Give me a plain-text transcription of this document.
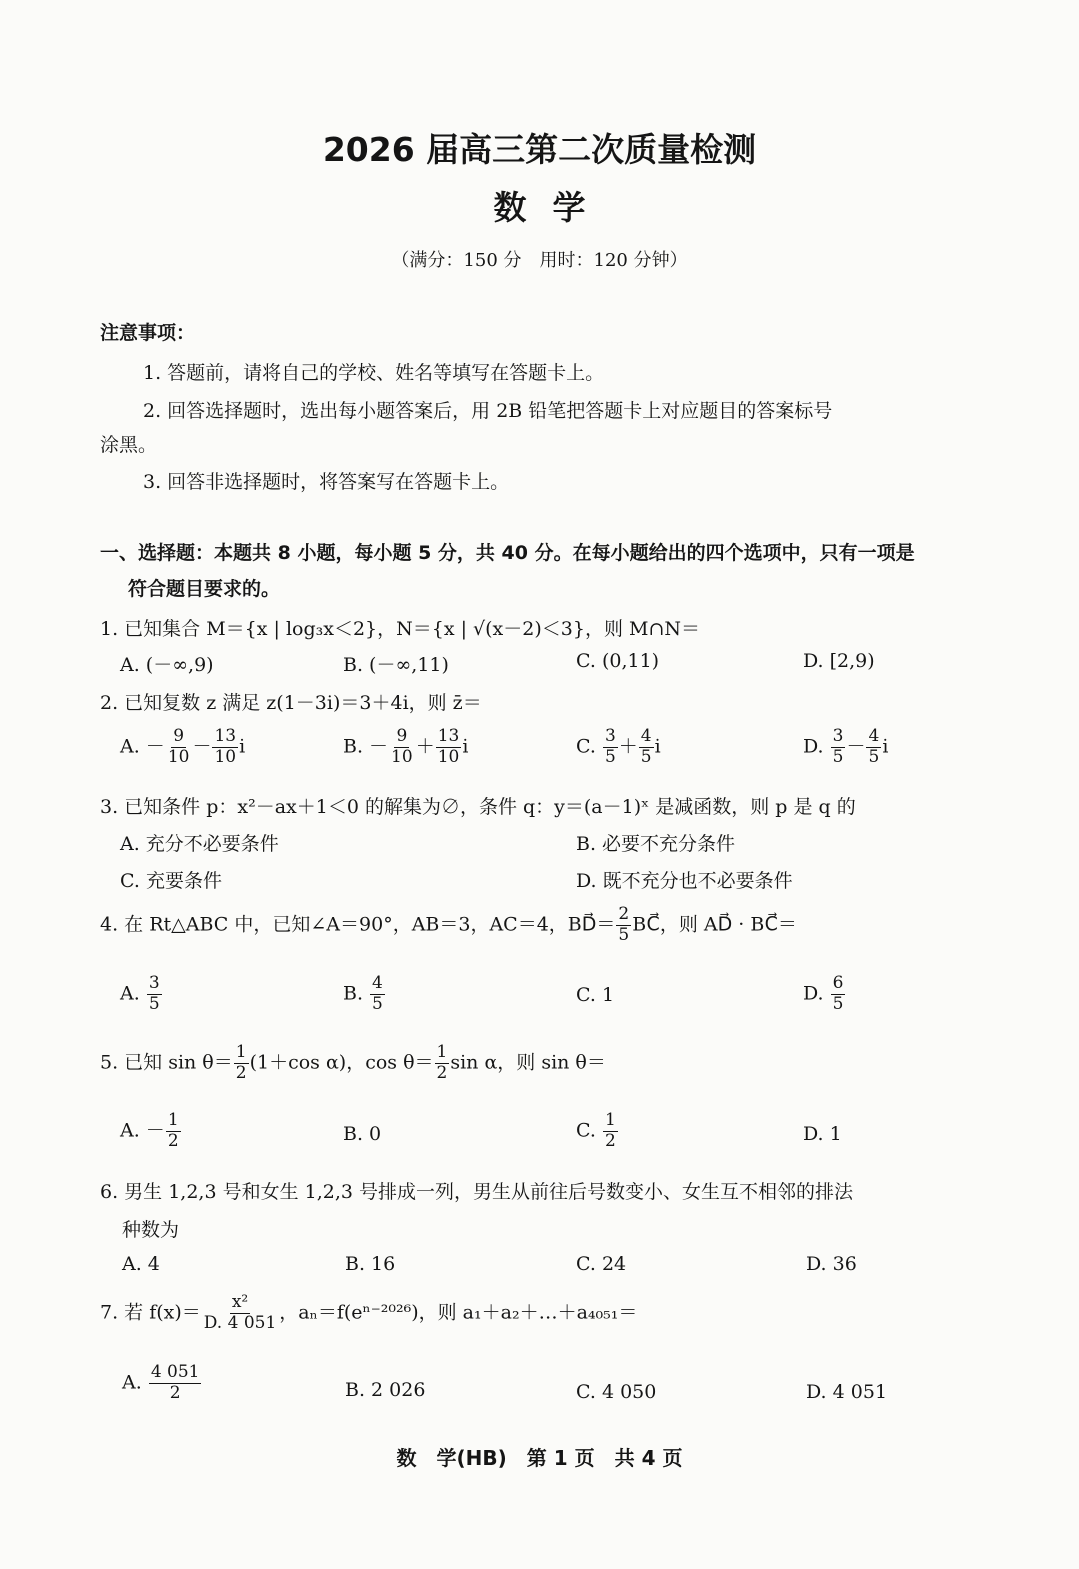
2026 届高三第二次质量检测
数学
（满分：150 分　用时：120 分钟）
注意事项：
1. 答题前，请将自己的学校、姓名等填写在答题卡上。
2. 回答选择题时，选出每小题答案后，用 2B 铅笔把答题卡上对应题目的答案标号
涂黑。
3. 回答非选择题时，将答案写在答题卡上。
一、选择题：本题共 8 小题，每小题 5 分，共 40 分。在每小题给出的四个选项中，只有一项是
符合题目要求的。
1. 已知集合 M＝{x | log₃x＜2}，N＝{x | √(x－2)＜3}，则 M∩N＝
A. (－∞,9)	B. (－∞,11)	C. (0,11)	D. [2,9)
2. 已知复数 z 满足 z(1－3i)＝3＋4i，则 z̄＝
A. － $\frac{9}{10} - \frac{13}{10}$ i	B. － $\frac{9}{10} + \frac{13}{10}$ i	C. $\frac{3}{5} + \frac{4}{5}$ i	D. $\frac{3}{5} - \frac{4}{5}$ i
3. 已知条件 p：x²－ax＋1＜0 的解集为∅，条件 q：y＝(a－1)ˣ 是减函数，则 p 是 q 的
A. 充分不必要条件	B. 必要不充分条件
C. 充要条件	D. 既不充分也不必要条件
4. 在 Rt△ABC 中，已知∠A＝90°，AB＝3，AC＝4，BD⃗＝ $\frac{2}{5}$ BC⃗，则 AD⃗ · BC⃗＝
A. $\frac{3}{5}$	B. $\frac{4}{5}$	C. 1	D. $\frac{6}{5}$
5. 已知 $\sin \theta= \frac{1}{2} (1+\cos$ α)，$\cos \theta= \frac{1}{2}$ sin α，则 sin θ＝
A. － $\frac{1}{2}$	B. 0	C. $\frac{1}{2}$	D. 1
6. 男生 1,2,3 号和女生 1,2,3 号排成一列，男生从前往后号数变小、女生互不相邻的排法
种数为
A. 4	B. 16	C. 24	D. 36
7. 若 $f(x)= \frac{\text{x²}}{D. 4 051}$ ，aₙ＝f(eⁿ⁻²⁰²⁶)，则 a₁＋a₂＋…＋a₄₀₅₁＝
A. $\frac{4 051}{2}$	B. 2 026	C. 4 050	D. 4 051
数　学(HB)　第 1 页　共 4 页
